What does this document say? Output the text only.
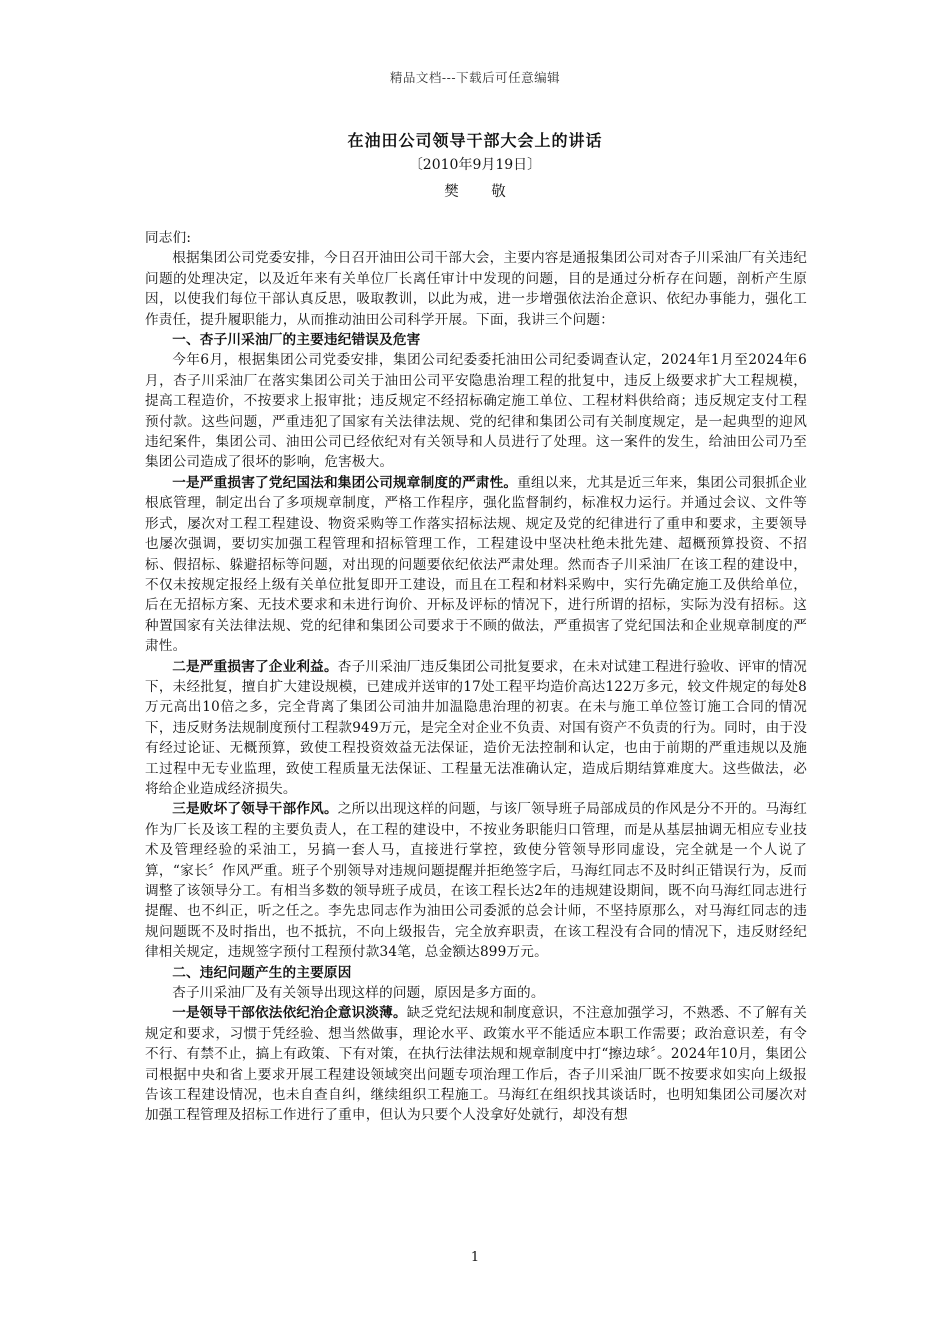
精品文档---下载后可任意编辑
在油田公司领导干部大会上的讲话
〔2010年9月19日〕
樊 敬

同志们:

根据集团公司党委安排，今日召开油田公司干部大会，主要内容是通报集团公司对杏子川采油厂有关违纪问题的处理决定，以及近年来有关单位厂长离任审计中发现的问题，目的是通过分析存在问题，剖析产生原因，以使我们每位干部认真反思，吸取教训，以此为戒，进一步增强依法治企意识、依纪办事能力，强化工作责任，提升履职能力，从而推动油田公司科学开展。下面，我讲三个问题：

一、杏子川采油厂的主要违纪错误及危害

今年6月，根据集团公司党委安排，集团公司纪委委托油田公司纪委调查认定，2024年1月至2024年6月，杏子川采油厂在落实集团公司关于油田公司平安隐患治理工程的批复中，违反上级要求扩大工程规模，提高工程造价，不按要求上报审批；违反规定不经招标确定施工单位、工程材料供给商；违反规定支付工程预付款。这些问题，严重违犯了国家有关法律法规、党的纪律和集团公司有关制度规定，是一起典型的迎风违纪案件，集团公司、油田公司已经依纪对有关领导和人员进行了处理。这一案件的发生，给油田公司乃至集团公司造成了很坏的影响，危害极大。

一是严重损害了党纪国法和集团公司规章制度的严肃性。重组以来，尤其是近三年来，集团公司狠抓企业根底管理，制定出台了多项规章制度，严格工作程序，强化监督制约，标准权力运行。并通过会议、文件等形式，屡次对工程工程建设、物资采购等工作落实招标法规、规定及党的纪律进行了重申和要求，主要领导也屡次强调，要切实加强工程管理和招标管理工作，工程建设中坚决杜绝未批先建、超概预算投资、不招标、假招标、躲避招标等问题，对出现的问题要依纪依法严肃处理。然而杏子川采油厂在该工程的建设中，不仅未按规定报经上级有关单位批复即开工建设，而且在工程和材料采购中，实行先确定施工及供给单位，后在无招标方案、无技术要求和未进行询价、开标及评标的情况下，进行所谓的招标，实际为没有招标。这种置国家有关法律法规、党的纪律和集团公司要求于不顾的做法，严重损害了党纪国法和企业规章制度的严肃性。

二是严重损害了企业利益。杏子川采油厂违反集团公司批复要求，在未对试建工程进行验收、评审的情况下，未经批复，擅自扩大建设规模，已建成并送审的17处工程平均造价高达122万多元，较文件规定的每处8万元高出10倍之多，完全背离了集团公司油井加温隐患治理的初衷。在未与施工单位签订施工合同的情况下，违反财务法规制度预付工程款949万元，是完全对企业不负责、对国有资产不负责的行为。同时，由于没有经过论证、无概预算，致使工程投资效益无法保证，造价无法控制和认定，也由于前期的严重违规以及施工过程中无专业监理，致使工程质量无法保证、工程量无法准确认定，造成后期结算难度大。这些做法，必将给企业造成经济损失。

三是败坏了领导干部作风。之所以出现这样的问题，与该厂领导班子局部成员的作风是分不开的。马海红作为厂长及该工程的主要负责人，在工程的建设中，不按业务职能归口管理，而是从基层抽调无相应专业技术及管理经验的采油工，另搞一套人马，直接进行掌控，致使分管领导形同虚设，完全就是一个人说了算，“家长〞作风严重。班子个别领导对违规问题提醒并拒绝签字后，马海红同志不及时纠正错误行为，反而调整了该领导分工。有相当多数的领导班子成员，在该工程长达2年的违规建设期间，既不向马海红同志进行提醒、也不纠正，听之任之。李先忠同志作为油田公司委派的总会计师，不坚持原那么，对马海红同志的违规问题既不及时指出，也不抵抗，不向上级报告，完全放弃职责，在该工程没有合同的情况下，违反财经纪律相关规定，违规签字预付工程预付款34笔，总金额达899万元。

二、违纪问题产生的主要原因

杏子川采油厂及有关领导出现这样的问题，原因是多方面的。

一是领导干部依法依纪治企意识淡薄。缺乏党纪法规和制度意识，不注意加强学习，不熟悉、不了解有关规定和要求，习惯于凭经验、想当然做事，理论水平、政策水平不能适应本职工作需要；政治意识差，有令不行、有禁不止，搞上有政策、下有对策，在执行法律法规和规章制度中打“擦边球〞。2024年10月，集团公司根据中央和省上要求开展工程建设领域突出问题专项治理工作后，杏子川采油厂既不按要求如实向上级报告该工程建设情况，也未自查自纠，继续组织工程施工。马海红在组织找其谈话时，也明知集团公司屡次对加强工程管理及招标工作进行了重申，但认为只要个人没拿好处就行，却没有想

1
